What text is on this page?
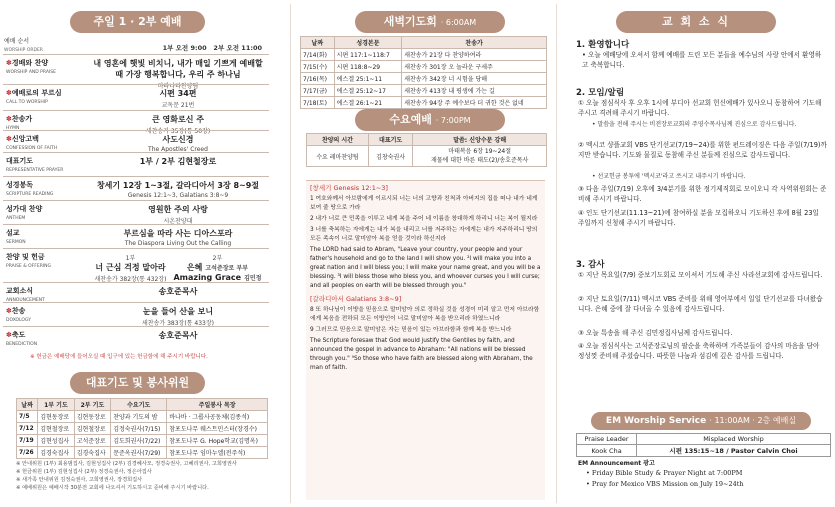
주일 1 · 2부 예배
예배 순서
WORSHIP ORDER	1부 오전 9:00 2부 오전 11:00
✽경배와 찬양
WORSHIP AND PRAISE
내 영혼에 햇빛 비치니, 내가 매일 기쁘게 예배할 때 가장 행복합니다, 우리 주 하나님
마라나타찬양팀
✽예배로의 부르심
CALL TO WORSHIP
시편 34편
교독문 21번
✽찬송가
HYMN
큰 영화로신 주
새찬송가 35장(통 50장)
✽신앙고백
CONFESSION OF FAITH
사도신경
The Apostles' Creed
대표기도
REPRESENTATIVE PRAYER
1부 / 2부 김현철장로
성경봉독
SCRIPTURE READING
창세기 12장 1~3절, 갈라디아서 3장 8~9절
Genesis 12:1~3, Galatians 3:8~9
성가대 찬양
ANTHEM
영원한 주의 사랑
시온찬양대
설교
SERMON
부르심을 따라 사는 디아스포라
The Diaspora Living Out the Calling
찬양 및 헌금
PRAISE & OFFERING
1부
너 근심 걱정 말아라
새찬송가 382장(통 432장)
2부
은혜 고석준장로 부부
Amazing Grace 김민정
교회소식
ANNOUNCEMENT
송호준목사
✽찬송
DOXOLOGY
눈을 들어 산을 보니
새찬송가 383장(통 433장)
✽축도
BENEDICTION
송호준목사
※ 헌금은 예배당에 들어오실 때 입구에 있는 헌금함에 해 주시기 바랍니다.
대표기도 및 봉사위원
날짜	1부 기도	2부 기도	수요기도	주일봉사 목장
7/5	김현동장로	김현동장로	찬양과 기도의 밤	바나바 · 그룹사공동체(김종석)
7/12	김현철장로	김현철장로	김정숙권사(7/15)	참포도나무 웨스트민스터(장경수)
7/19	김현성집사	고석준장로	김도희권사(7/22)	참포도나무 G. Hope학교(김명옥)
7/26	김경숙집사	김경숙집사	문준옥권사(7/29)	참포도나무 임마누엘(전주석)
※ 안내위원 (1부) 최용범집사, 김현성집사 (2부) 김경혜사모, 정경숙권사, 고혜리권사, 고희영권사
※ 헌금위원 (1부) 김현성집사 (2부) 정경숙권사, 정은아집사
※ 새가족 안내위원 김정숙권사, 고희영권사, 장경희집사
※ 예배위원은 예배시작 30분전 교회에 나오셔서 기도하시고 준비해 주시기 바랍니다.
새벽기도회 · 6:00AM
날짜	성경본문	찬송가
7/14(화)	시편 117:1~118:7	새찬송가 21장 다 찬양하여라
7/15(수)	시편 118:8~29	새찬송가 301장 오 놀라운 구세주
7/16(목)	에스겔 25:1~11	새찬송가 342장 너 시험을 당해
7/17(금)	에스겔 25:12~17	새찬송가 413장 내 평생에 가는 길
7/18(토)	에스겔 26:1~21	새찬송가 94장 주 예수보다 더 귀한 것은 없네
수요예배 · 7:00PM
찬양의 시간	대표기도	말씀: 신앙수문 강해
수요 레마찬양팀	김창숙권사	마태복음 6장 19~24절
재물에 대한 바른 태도(2)/송호준목사

[창세기 Genesis 12:1~3]

1 여호와께서 아브람에게 이르시되 너는 너의 고향과 친척과 아버지의 집을 떠나 내가 네게 보여 줄 땅으로 가라

2 내가 너로 큰 민족을 이루고 네게 복을 주어 네 이름을 창대하게 하리니 너는 복이 될지라

3 너를 축복하는 자에게는 내가 복을 내리고 너를 저주하는 자에게는 내가 저주하리니 땅의 모든 족속이 너로 말미암아 복을 얻을 것이라 하신지라

The LORD had said to Abram, "Leave your country, your people and your father's household and go to the land I will show you. ²I will make you into a great nation and I will bless you; I will make your name great, and you will be a blessing. ³I will bless those who bless you, and whoever curses you I will curse; and all peoples on earth will be blessed through you."

[갈라디아서 Galatians 3:8~9]

8 또 하나님이 이방을 믿음으로 말미암아 의로 정하실 것을 성경이 미리 알고 먼저 아브라함에게 복음을 전하되 모든 이방인이 너로 말미암아 복을 받으리라 하였느니라

9 그러므로 믿음으로 말미암은 자는 믿음이 있는 아브라함과 함께 복을 받느니라

The Scripture foresaw that God would justify the Gentiles by faith, and announced the gospel in advance to Abraham: "All nations will be blessed through you." ⁹So those who have faith are blessed along with Abraham, the man of faith.

교 회 소 식
1. 환영합니다
• 오늘 예배당에 오셔서 함께 예배를 드린 모든 분들을 예수님의 사랑 안에서 환영하고 축복합니다.
2. 모임/알림
① 오늘 점심식사 후 오후 1시에 부디아 선교회 헌신예배가 있사오니 동참하여 기도해 주시고 격려해 주시기 바랍니다.
• 말씀을 전해 주시는 비전장로교회의 주영수목사님께 진심으로 감사드립니다.
② 멕시코 샹플교회 VBS 단기선교(7/19~24)를 위한 펀드레이징은 다음 주일(7/19)까지만 받습니다. 기도와 물질로 동참해 주신 분들께 진심으로 감사드립니다.
• 선교헌금 봉투에 '멕시코'라고 쓰시고 내주시기 바랍니다.
③ 다음 주일(7/19) 오후에 3/4분기를 위한 정기제직회로 모이오니 각 사역위원회는 준비해 주시기 바랍니다.
④ 인도 단기선교(11.13~21)에 참여하실 분을 모집하오니 기도하신 후에 8월 23일 주일까지 신청해 주시기 바랍니다.
3. 감사
① 지난 목요일(7/9) 중보기도회로 모이셔서 기도해 주신 사라선교회에 감사드립니다.
② 지난 토요일(7/11) 멕시코 VBS 준비를 위해 영어부에서 일일 단기선교를 다녀왔습니다. 은혜 중에 잘 다녀올 수 있음에 감사드립니다.
③ 오늘 특송을 해 주신 김민정집사님께 감사드립니다.
④ 오늘 점심식사는 고석준장로님의 팔순을 축하하며 가족분들이 감사의 마음을 담아 정성껏 준비해 주셨습니다. 따뜻한 나눔과 섬김에 깊은 감사를 드립니다.
EM Worship Service · 11:00AM · 2층 예배실
Praise Leader	Misplaced Worship
Kook Cha	시편 135:15~18 / Pastor Calvin Choi
EM Announcement 광고
• Friday Bible Study & Prayer Night at 7:00PM
• Pray for Mexico VBS Mission on July 19~24th
